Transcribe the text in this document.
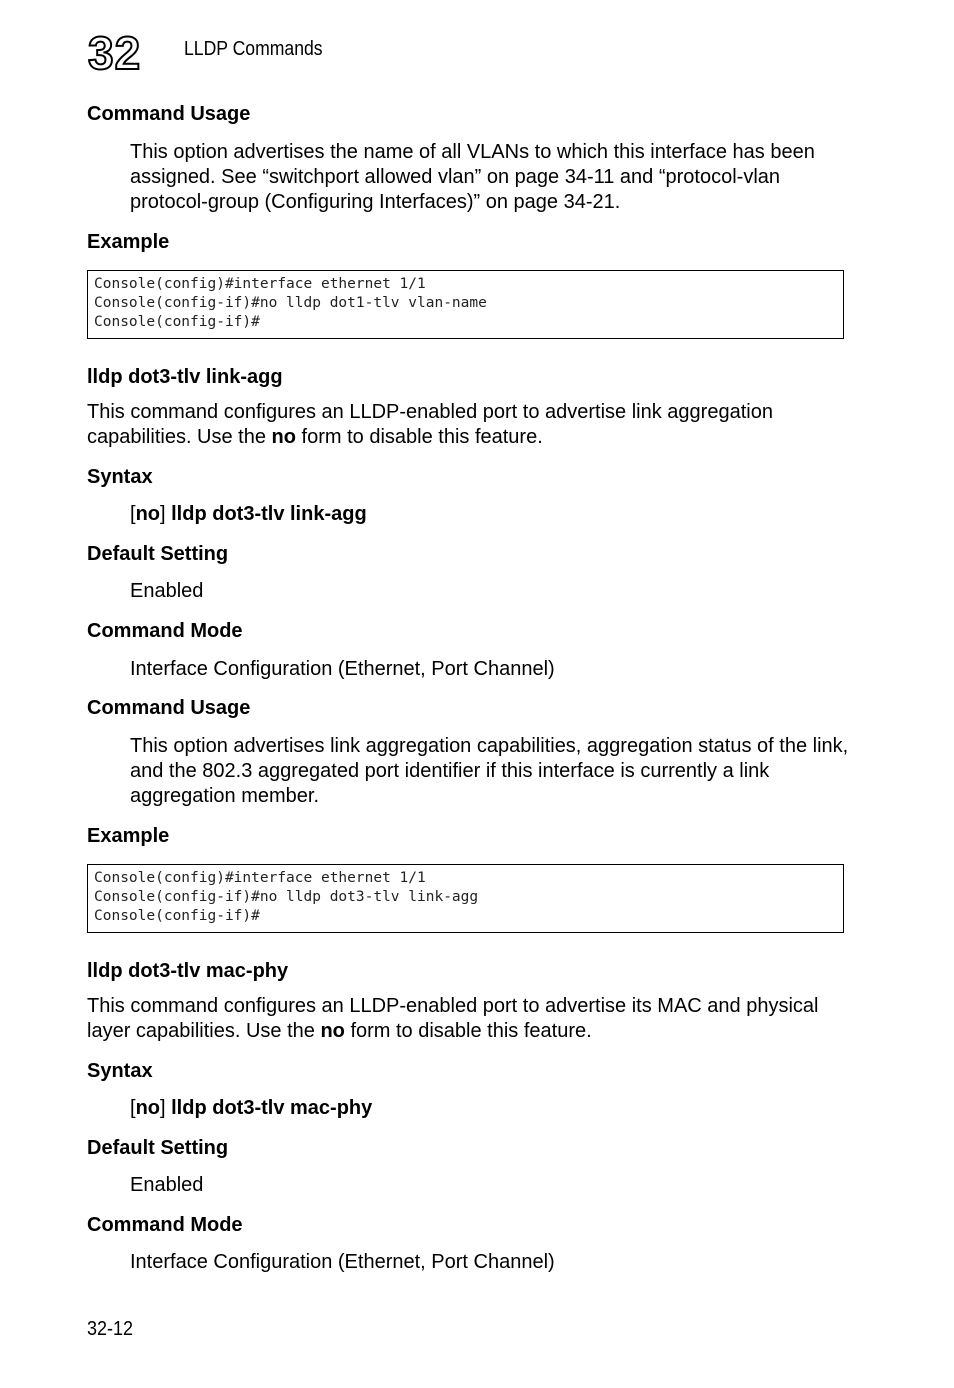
32 LLDP Commands
Command Usage
This option advertises the name of all VLANs to which this interface has been assigned. See “switchport allowed vlan” on page 34-11 and “protocol-vlan protocol-group (Configuring Interfaces)” on page 34-21.
Example
Console(config)#interface ethernet 1/1
Console(config-if)#no lldp dot1-tlv vlan-name
Console(config-if)#
lldp dot3-tlv link-agg
This command configures an LLDP-enabled port to advertise link aggregation capabilities. Use the no form to disable this feature.
Syntax
[no] lldp dot3-tlv link-agg
Default Setting
Enabled
Command Mode
Interface Configuration (Ethernet, Port Channel)
Command Usage
This option advertises link aggregation capabilities, aggregation status of the link, and the 802.3 aggregated port identifier if this interface is currently a link aggregation member.
Example
Console(config)#interface ethernet 1/1
Console(config-if)#no lldp dot3-tlv link-agg
Console(config-if)#
lldp dot3-tlv mac-phy
This command configures an LLDP-enabled port to advertise its MAC and physical layer capabilities. Use the no form to disable this feature.
Syntax
[no] lldp dot3-tlv mac-phy
Default Setting
Enabled
Command Mode
Interface Configuration (Ethernet, Port Channel)
32-12
